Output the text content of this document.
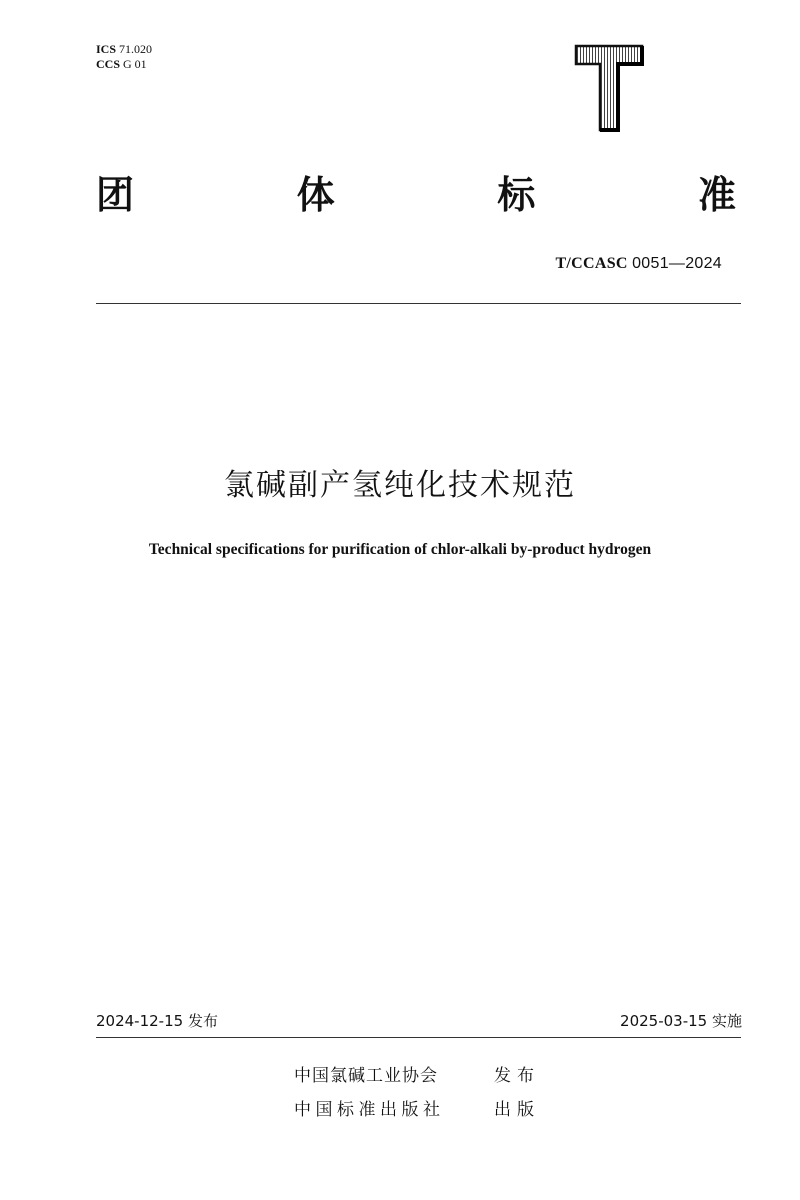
ICS 71.020
CCS G 01
T
团	体	标	准
T/CCASC 0051—2024
氯碱副产氢纯化技术规范
Technical specifications for purification of chlor-alkali by-product hydrogen
2024-12-15 发布	2025-03-15 实施
中国氯碱工业协会	发布
中国标准出版社	出版
